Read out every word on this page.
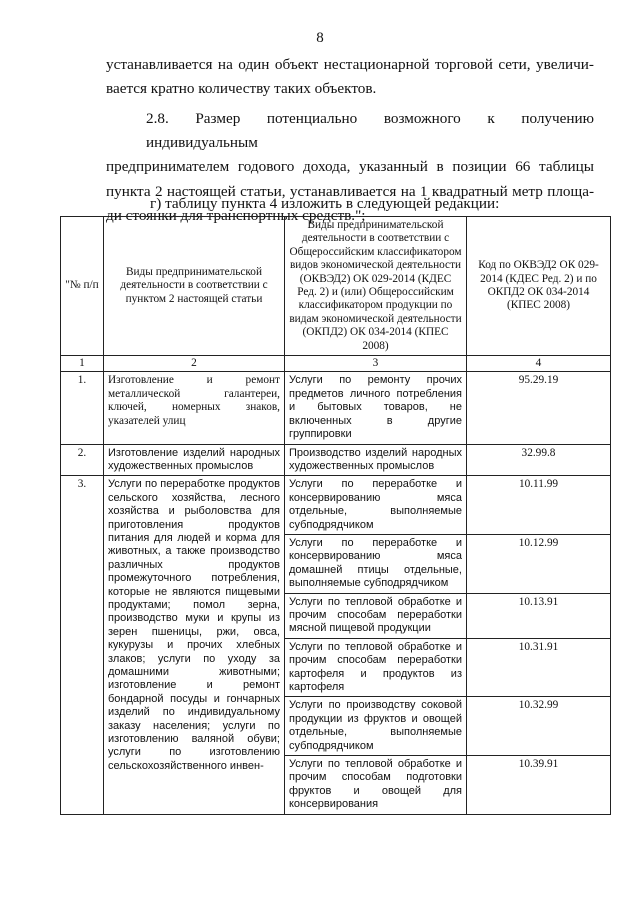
8
устанавливается на один объект нестационарной торговой сети, увеличи-
вается кратно количеству таких объектов.
2.8. Размер потенциально возможного к получению индивидуальным
предпринимателем годового дохода, указанный в позиции 66 таблицы
пункта 2 настоящей статьи, устанавливается на 1 квадратный метр площа-
ди стоянки для транспортных средств.";
г) таблицу пункта 4 изложить в следующей редакции:
"№ п/п	Виды предпринимательской деятельности в соответствии с пунктом 2 настоящей статьи	Виды предпринимательской деятельности в соответствии с Общероссийским классификатором видов экономической деятельности (ОКВЭД2) ОК 029-2014 (КДЕС Ред. 2) и (или) Общероссийским классификатором продукции по видам экономической деятельности (ОКПД2) ОК 034-2014 (КПЕС 2008)	Код по ОКВЭД2 ОК 029-2014 (КДЕС Ред. 2) и по ОКПД2 ОК 034-2014 (КПЕС 2008)
1	2	3	4
1.	Изготовление и ремонт металлической галантереи, ключей, номерных знаков, указателей улиц	Услуги по ремонту прочих предметов личного потребления и бытовых товаров, не включенных в другие группировки	95.29.19
2.	Изготовление изделий народных художественных промыслов	Производство изделий народных художественных промыслов	32.99.8
3.	Услуги по переработке продуктов сельского хозяйства, лесного хозяйства и рыболовства для приготовления продуктов питания для людей и корма для животных, а также производство различных продуктов промежуточного потребления, которые не являются пищевыми продуктами; помол зерна, производство муки и крупы из зерен пшеницы, ржи, овса, кукурузы и прочих хлебных злаков; услуги по уходу за домашними животными; изготовление и ремонт бондарной посуды и гончарных изделий по индивидуальному заказу населения; услуги по изготовлению валяной обуви; услуги по изготовлению сельскохозяйственного инвен-	Услуги по переработке и консервированию мяса отдельные, выполняемые субподрядчиком	10.11.99
		Услуги по переработке и консервированию мяса домашней птицы отдельные, выполняемые субподрядчиком	10.12.99
		Услуги по тепловой обработке и прочим способам переработки мясной пищевой продукции	10.13.91
		Услуги по тепловой обработке и прочим способам переработки картофеля и продуктов из картофеля	10.31.91
		Услуги по производству соковой продукции из фруктов и овощей отдельные, выполняемые субподрядчиком	10.32.99
		Услуги по тепловой обработке и прочим способам подготовки фруктов и овощей для консервирования	10.39.91
